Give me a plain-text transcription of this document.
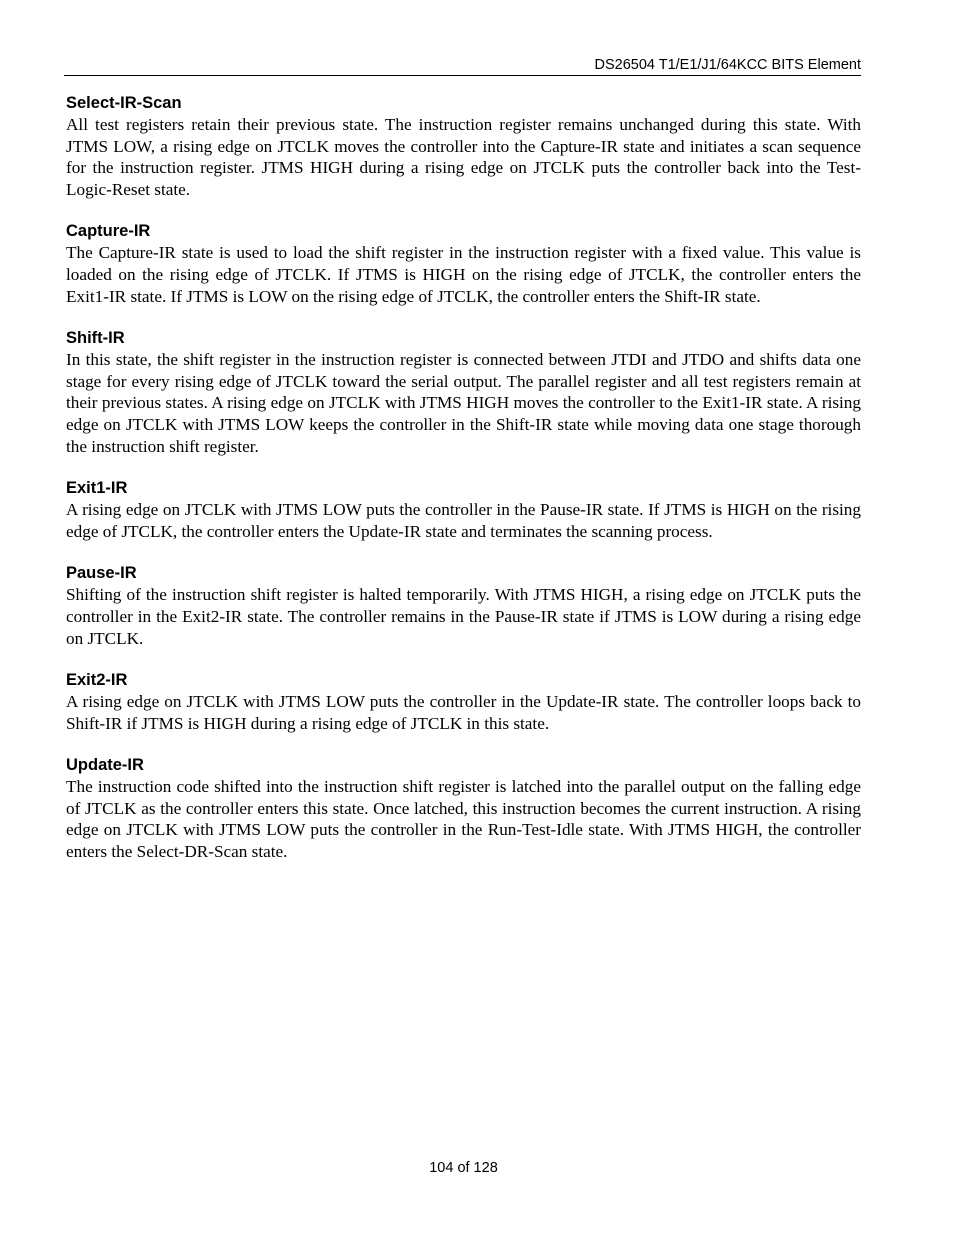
DS26504 T1/E1/J1/64KCC BITS Element

Select-IR-Scan

All test registers retain their previous state. The instruction register remains unchanged during this state. With JTMS LOW, a rising edge on JTCLK moves the controller into the Capture-IR state and initiates a scan sequence for the instruction register. JTMS HIGH during a rising edge on JTCLK puts the controller back into the Test-Logic-Reset state.

Capture-IR

The Capture-IR state is used to load the shift register in the instruction register with a fixed value. This value is loaded on the rising edge of JTCLK. If JTMS is HIGH on the rising edge of JTCLK, the controller enters the Exit1-IR state. If JTMS is LOW on the rising edge of JTCLK, the controller enters the Shift-IR state.

Shift-IR

In this state, the shift register in the instruction register is connected between JTDI and JTDO and shifts data one stage for every rising edge of JTCLK toward the serial output. The parallel register and all test registers remain at their previous states. A rising edge on JTCLK with JTMS HIGH moves the controller to the Exit1-IR state. A rising edge on JTCLK with JTMS LOW keeps the controller in the Shift-IR state while moving data one stage thorough the instruction shift register.

Exit1-IR

A rising edge on JTCLK with JTMS LOW puts the controller in the Pause-IR state. If JTMS is HIGH on the rising edge of JTCLK, the controller enters the Update-IR state and terminates the scanning process.

Pause-IR

Shifting of the instruction shift register is halted temporarily. With JTMS HIGH, a rising edge on JTCLK puts the controller in the Exit2-IR state. The controller remains in the Pause-IR state if JTMS is LOW during a rising edge on JTCLK.

Exit2-IR

A rising edge on JTCLK with JTMS LOW puts the controller in the Update-IR state. The controller loops back to Shift-IR if JTMS is HIGH during a rising edge of JTCLK in this state.

Update-IR

The instruction code shifted into the instruction shift register is latched into the parallel output on the falling edge of JTCLK as the controller enters this state. Once latched, this instruction becomes the current instruction. A rising edge on JTCLK with JTMS LOW puts the controller in the Run-Test-Idle state. With JTMS HIGH, the controller enters the Select-DR-Scan state.

104 of 128
